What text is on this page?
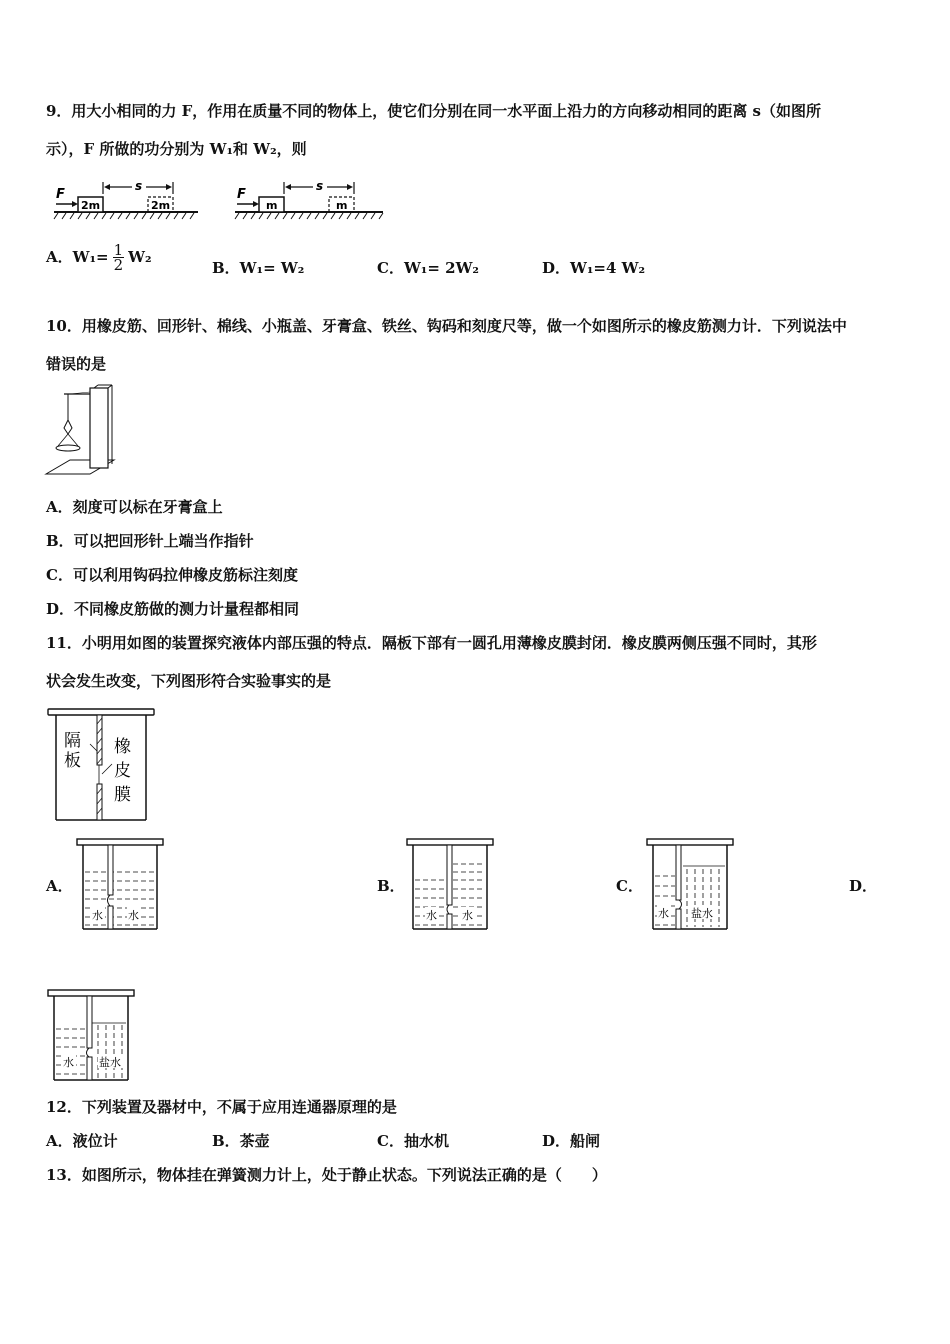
9．用大小相同的力 F，作用在质量不同的物体上，使它们分别在同一水平面上沿力的方向移动相同的距离 s（如图所
示），F 所做的功分别为 W₁和 W₂，则
2m
F
2m
s
m
F
m
s
A． $W_1= \frac{1}{2} W_2$
B．W₁= W₂	C．W₁= 2W₂	D．W₁=4 W₂
10．用橡皮筋、回形针、棉线、小瓶盖、牙膏盒、铁丝、钩码和刻度尺等，做一个如图所示的橡皮筋测力计．下列说法中
错误的是
A．刻度可以标在牙膏盒上
B．可以把回形针上端当作指针
C．可以利用钩码拉伸橡皮筋标注刻度
D．不同橡皮筋做的测力计量程都相同
11．小明用如图的装置探究液体内部压强的特点．隔板下部有一圆孔用薄橡皮膜封闭．橡皮膜两侧压强不同时，其形
状会发生改变，下列图形符合实验事实的是
隔
板
橡
皮
膜
A．	B．	C．	D．
水 水	水 水	水 盐水
水 盐水
12．下列装置及器材中，不属于应用连通器原理的是
A．液位计	B．茶壶	C．抽水机	D．船闸
13．如图所示，物体挂在弹簧测力计上，处于静止状态。下列说法正确的是（　　）
